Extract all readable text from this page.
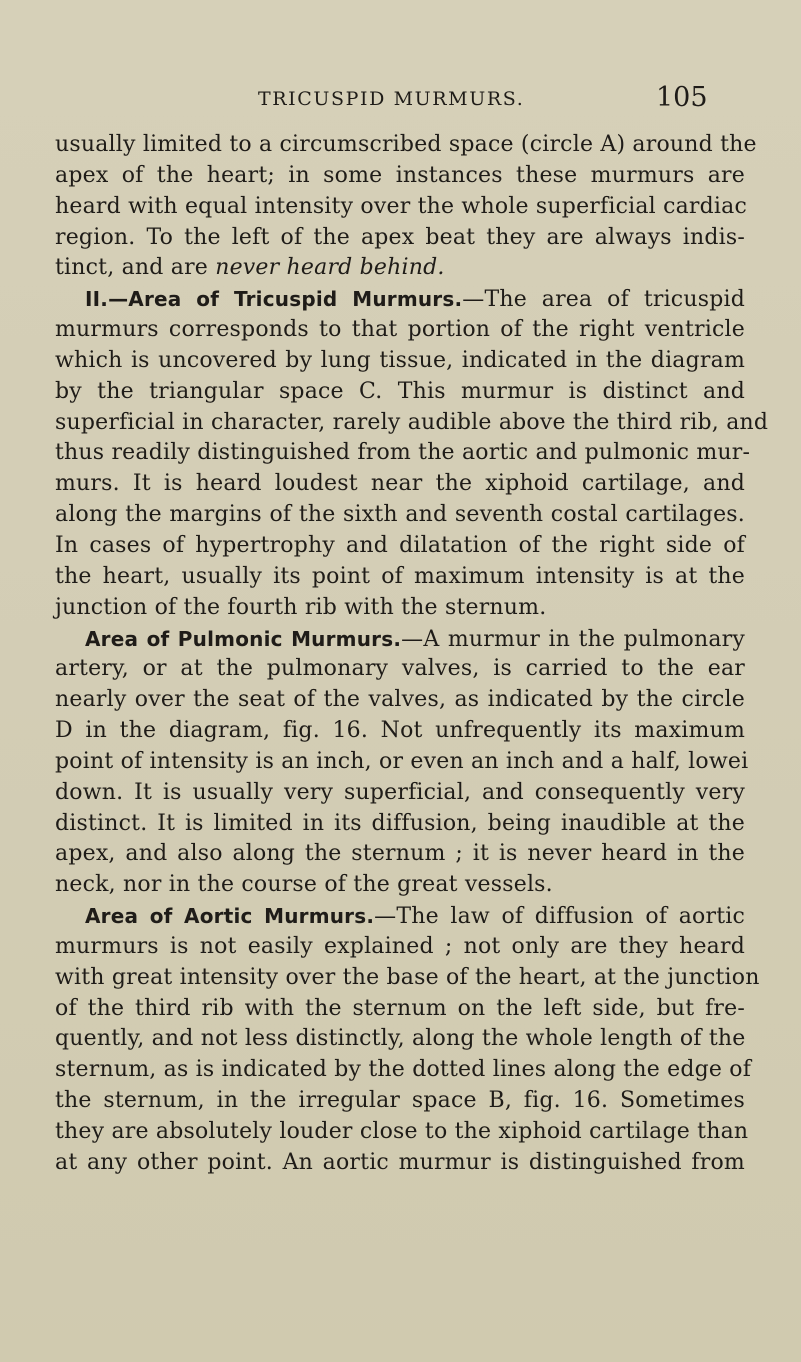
TRICUSPID MURMURS.	105
usually limited to a circumscribed space (circle A) around the
apex of the heart; in some instances these murmurs are
heard with equal intensity over the whole superficial cardiac
region. To the left of the apex beat they are always indis-
tinct, and are never heard behind.
II.—Area of Tricuspid Murmurs.—The area of tricuspid
murmurs corresponds to that portion of the right ventricle
which is uncovered by lung tissue, indicated in the diagram
by the triangular space C. This murmur is distinct and
superficial in character, rarely audible above the third rib, and
thus readily distinguished from the aortic and pulmonic mur-
murs. It is heard loudest near the xiphoid cartilage, and
along the margins of the sixth and seventh costal cartilages.
In cases of hypertrophy and dilatation of the right side of
the heart, usually its point of maximum intensity is at the
junction of the fourth rib with the sternum.
Area of Pulmonic Murmurs.—A murmur in the pulmonary
artery, or at the pulmonary valves, is carried to the ear
nearly over the seat of the valves, as indicated by the circle
D in the diagram, fig. 16. Not unfrequently its maximum
point of intensity is an inch, or even an inch and a half, lowei
down. It is usually very superficial, and consequently very
distinct. It is limited in its diffusion, being inaudible at the
apex, and also along the sternum ; it is never heard in the
neck, nor in the course of the great vessels.
Area of Aortic Murmurs.—The law of diffusion of aortic
murmurs is not easily explained ; not only are they heard
with great intensity over the base of the heart, at the junction
of the third rib with the sternum on the left side, but fre-
quently, and not less distinctly, along the whole length of the
sternum, as is indicated by the dotted lines along the edge of
the sternum, in the irregular space B, fig. 16. Sometimes
they are absolutely louder close to the xiphoid cartilage than
at any other point. An aortic murmur is distinguished from
